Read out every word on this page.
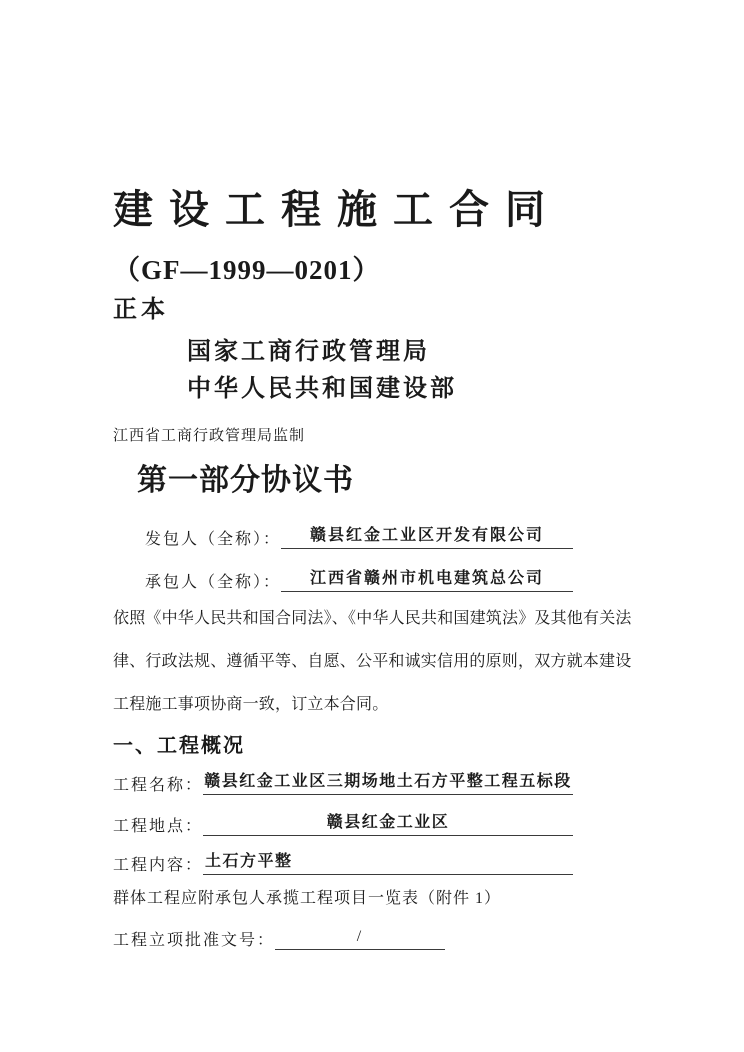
建设工程施工合同
（GF—1999—0201）
正本
国家工商行政管理局
中华人民共和国建设部
江西省工商行政管理局监制
第一部分协议书
发包人（全称）：	赣县红金工业区开发有限公司
承包人（全称）：	江西省赣州市机电建筑总公司

依照《中华人民共和国合同法》、《中华人民共和国建筑法》及其他有关法律、行政法规、遵循平等、自愿、公平和诚实信用的原则，双方就本建设工程施工事项协商一致，订立本合同。

一、工程概况
工程名称： 赣县红金工业区三期场地土石方平整工程五标段
工程地点：	赣县红金工业区
工程内容： 土石方平整

群体工程应附承包人承揽工程项目一览表（附件 1）

工程立项批准文号：	/
